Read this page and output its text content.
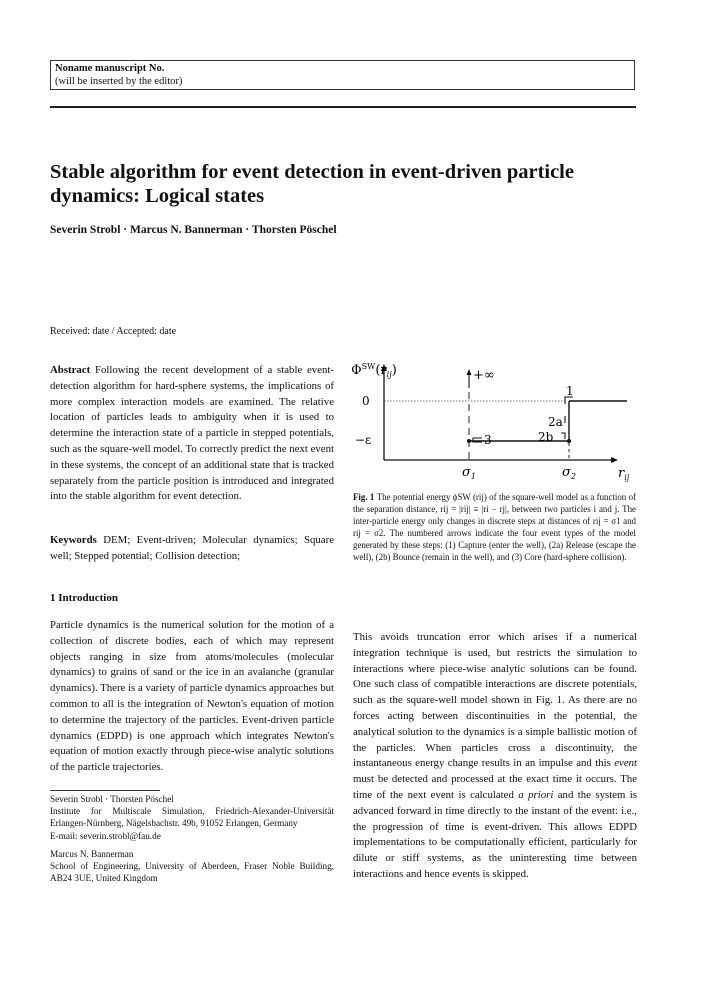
Noname manuscript No.
(will be inserted by the editor)
Stable algorithm for event detection in event-driven particle dynamics: Logical states
Severin Strobl · Marcus N. Bannerman · Thorsten Pöschel
Received: date / Accepted: date

Abstract Following the recent development of a stable event-detection algorithm for hard-sphere systems, the implications of more complex interaction models are examined. The relative location of particles leads to ambiguity when it is used to determine the interaction state of a particle in stepped potentials, such as the square-well model. To correctly predict the next event in these systems, the concept of an additional state that is tracked separately from the particle position is introduced and integrated into the stable algorithm for event detection.

Keywords DEM; Event-driven; Molecular dynamics; Square well; Stepped potential; Collision detection;

1 Introduction

Particle dynamics is the numerical solution for the motion of a collection of discrete bodies, each of which may represent objects ranging in size from atoms/molecules (molecular dynamics) to grains of sand or the ice in an avalanche (granular dynamics). There is a variety of particle dynamics approaches but common to all is the integration of Newton's equation of motion to determine the trajectory of the particles. Event-driven particle dynamics (EDPD) is one approach which integrates Newton's equation of motion exactly through piece-wise analytic solutions of the particle trajectories.

Severin Strobl · Thorsten Pöschel

Institute for Multiscale Simulation, Friedrich-Alexander-Universität Erlangen-Nürnberg, Nägelsbachstr. 49b, 91052 Erlangen, Germany

E-mail: severin.strobl@fau.de

Marcus N. Bannerman

School of Engineering, University of Aberdeen, Fraser Noble Building, AB24 3UE, United Kingdom

$\Phi^{SW}(r_{ij})$
0
−ε
+∞
3
1
2a
2b
$\sigma_1$	$\sigma_2$	$r_{ij}$
Fig. 1 The potential energy ϕSW (rij) of the square-well model as a function of the separation distance, rij = |rij| ≡ |ri − rj|, between two particles i and j. The inter-particle energy only changes in discrete steps at distances of rij = σ1 and rij = σ2. The numbered arrows indicate the four event types of the model generated by these steps: (1) Capture (enter the well), (2a) Release (escape the well), (2b) Bounce (remain in the well), and (3) Core (hard-sphere collision).

This avoids truncation error which arises if a numerical integration technique is used, but restricts the simulation to interactions where piece-wise analytic solutions can be found. One such class of compatible interactions are discrete potentials, such as the square-well model shown in Fig. 1. As there are no forces acting between discontinuities in the potential, the analytical solution to the dynamics is a simple ballistic motion of the particles. When particles cross a discontinuity, the instantaneous energy change results in an impulse and this event must be detected and processed at the exact time it occurs. The time of the next event is calculated a priori and the system is advanced forward in time directly to the instant of the event: i.e., the progression of time is event-driven. This allows EDPD implementations to be computationally efficient, particularly for dilute or stiff systems, as the uninteresting time between interactions and hence events is skipped.
